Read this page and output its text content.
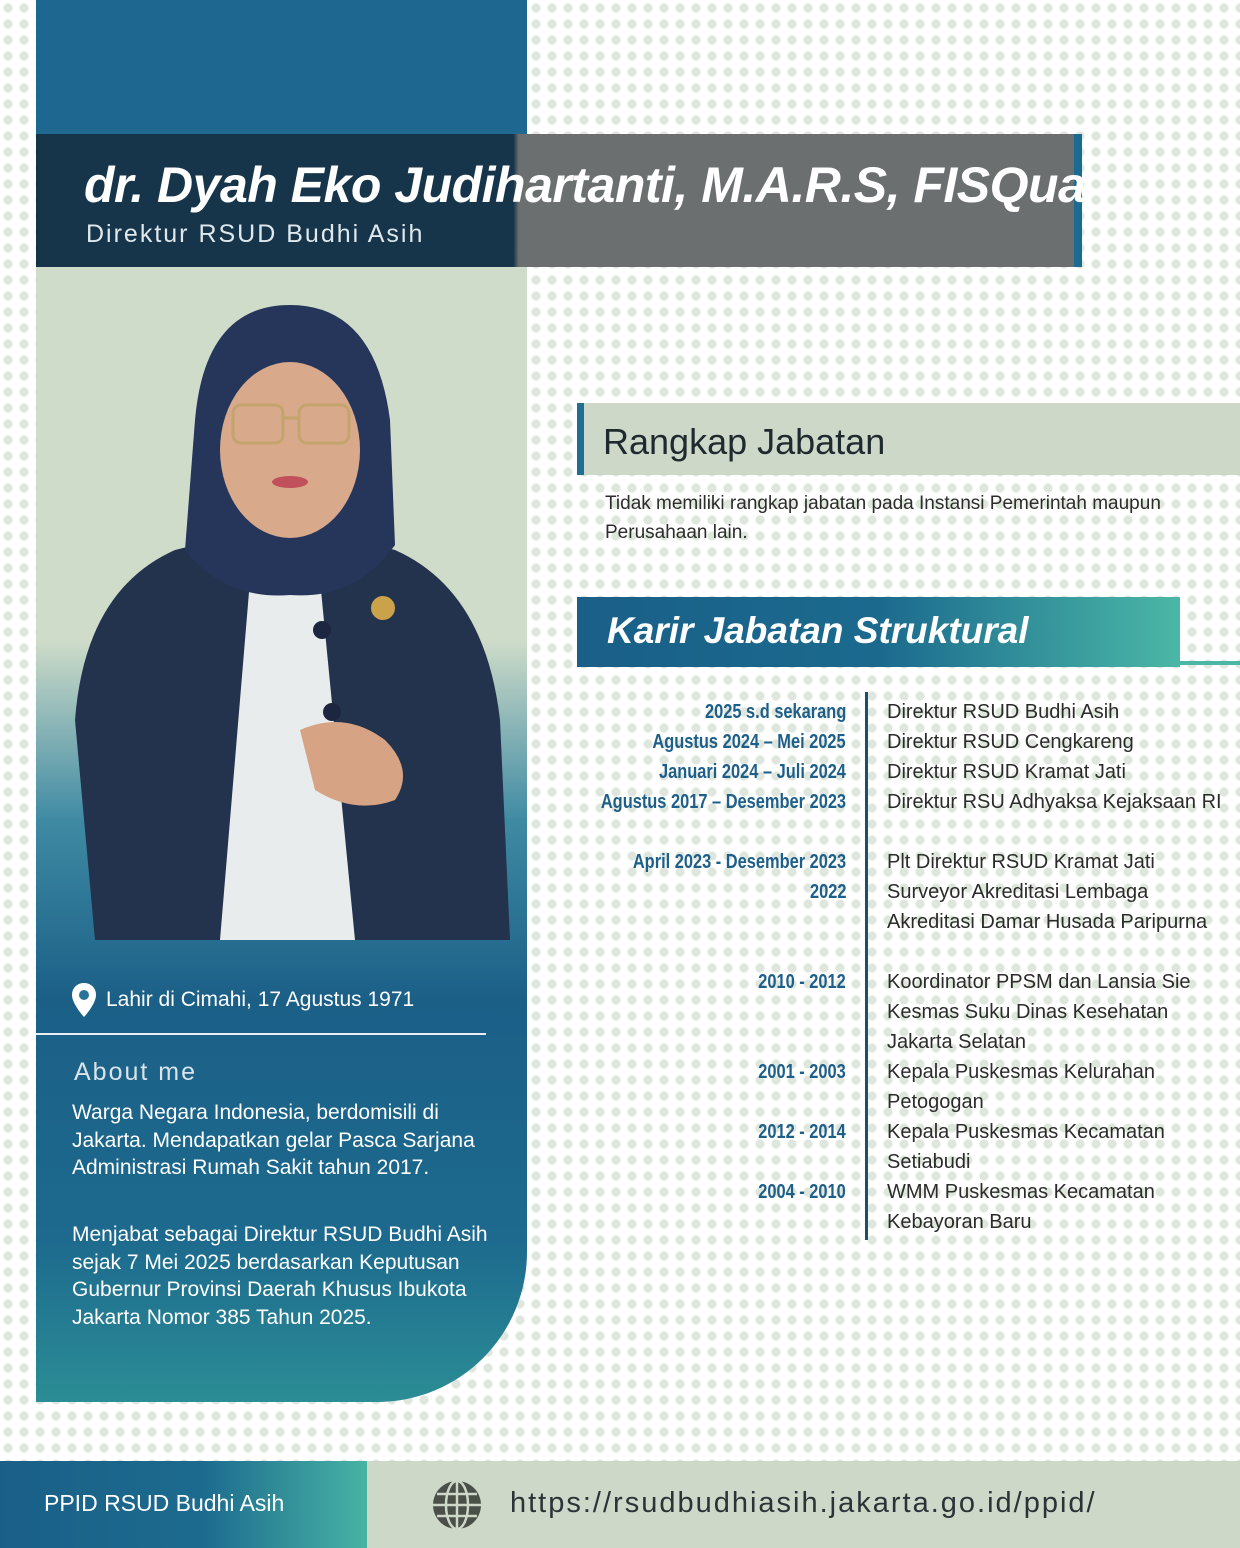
dr. Dyah Eko Judihartanti, M.A.R.S, FISQua
Direktur RSUD Budhi Asih
Lahir di Cimahi, 17 Agustus 1971
About me
Warga Negara Indonesia, berdomisili di Jakarta. Mendapatkan gelar Pasca Sarjana Administrasi Rumah Sakit tahun 2017.
Menjabat sebagai Direktur RSUD Budhi Asih sejak 7 Mei 2025 berdasarkan Keputusan Gubernur Provinsi Daerah Khusus Ibukota Jakarta Nomor 385 Tahun 2025.
Rangkap Jabatan
Tidak memiliki rangkap jabatan pada Instansi Pemerintah maupun Perusahaan lain.
Karir Jabatan Struktural
2025 s.d sekarang Direktur RSUD Budhi Asih
Agustus 2024 – Mei 2025 Direktur RSUD Cengkareng
Januari 2024 – Juli 2024 Direktur RSUD Kramat Jati
Agustus 2017 – Desember 2023 Direktur RSU Adhyaksa Kejaksaan RI
April 2023 - Desember 2023 Plt Direktur RSUD Kramat Jati
2022 Surveyor Akreditasi Lembaga Akreditasi Damar Husada Paripurna
2010 - 2012 Koordinator PPSM dan Lansia Sie Kesmas Suku Dinas Kesehatan Jakarta Selatan
2001 - 2003 Kepala Puskesmas Kelurahan Petogogan
2012 - 2014 Kepala Puskesmas Kecamatan Setiabudi
2004 - 2010 WMM Puskesmas Kecamatan Kebayoran Baru
PPID RSUD Budhi Asih	https://rsudbudhiasih.jakarta.go.id/ppid/
